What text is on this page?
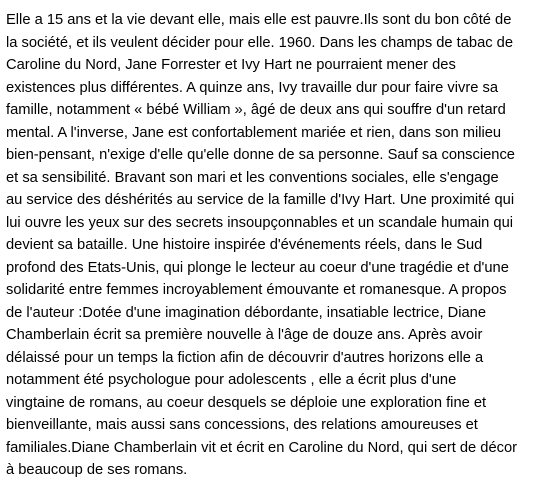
Elle a 15 ans et la vie devant elle, mais elle est pauvre.Ils sont du bon côté de
la société, et ils veulent décider pour elle. 1960. Dans les champs de tabac de
Caroline du Nord, Jane Forrester et Ivy Hart ne pourraient mener des
existences plus différentes. A quinze ans, Ivy travaille dur pour faire vivre sa
famille, notamment « bébé William », âgé de deux ans qui souffre d'un retard
mental. A l'inverse, Jane est confortablement mariée et rien, dans son milieu
bien-pensant, n'exige d'elle qu'elle donne de sa personne. Sauf sa conscience
et sa sensibilité. Bravant son mari et les conventions sociales, elle s'engage
au service des déshérités au service de la famille d'Ivy Hart. Une proximité qui
lui ouvre les yeux sur des secrets insoupçonnables et un scandale humain qui
devient sa bataille. Une histoire inspirée d'événements réels, dans le Sud
profond des Etats-Unis, qui plonge le lecteur au coeur d'une tragédie et d'une
solidarité entre femmes incroyablement émouvante et romanesque. A propos
de l'auteur :Dotée d'une imagination débordante, insatiable lectrice, Diane
Chamberlain écrit sa première nouvelle à l'âge de douze ans. Après avoir
délaissé pour un temps la fiction afin de découvrir d'autres horizons elle a
notamment été psychologue pour adolescents , elle a écrit plus d'une
vingtaine de romans, au coeur desquels se déploie une exploration fine et
bienveillante, mais aussi sans concessions, des relations amoureuses et
familiales.Diane Chamberlain vit et écrit en Caroline du Nord, qui sert de décor
à beaucoup de ses romans.
